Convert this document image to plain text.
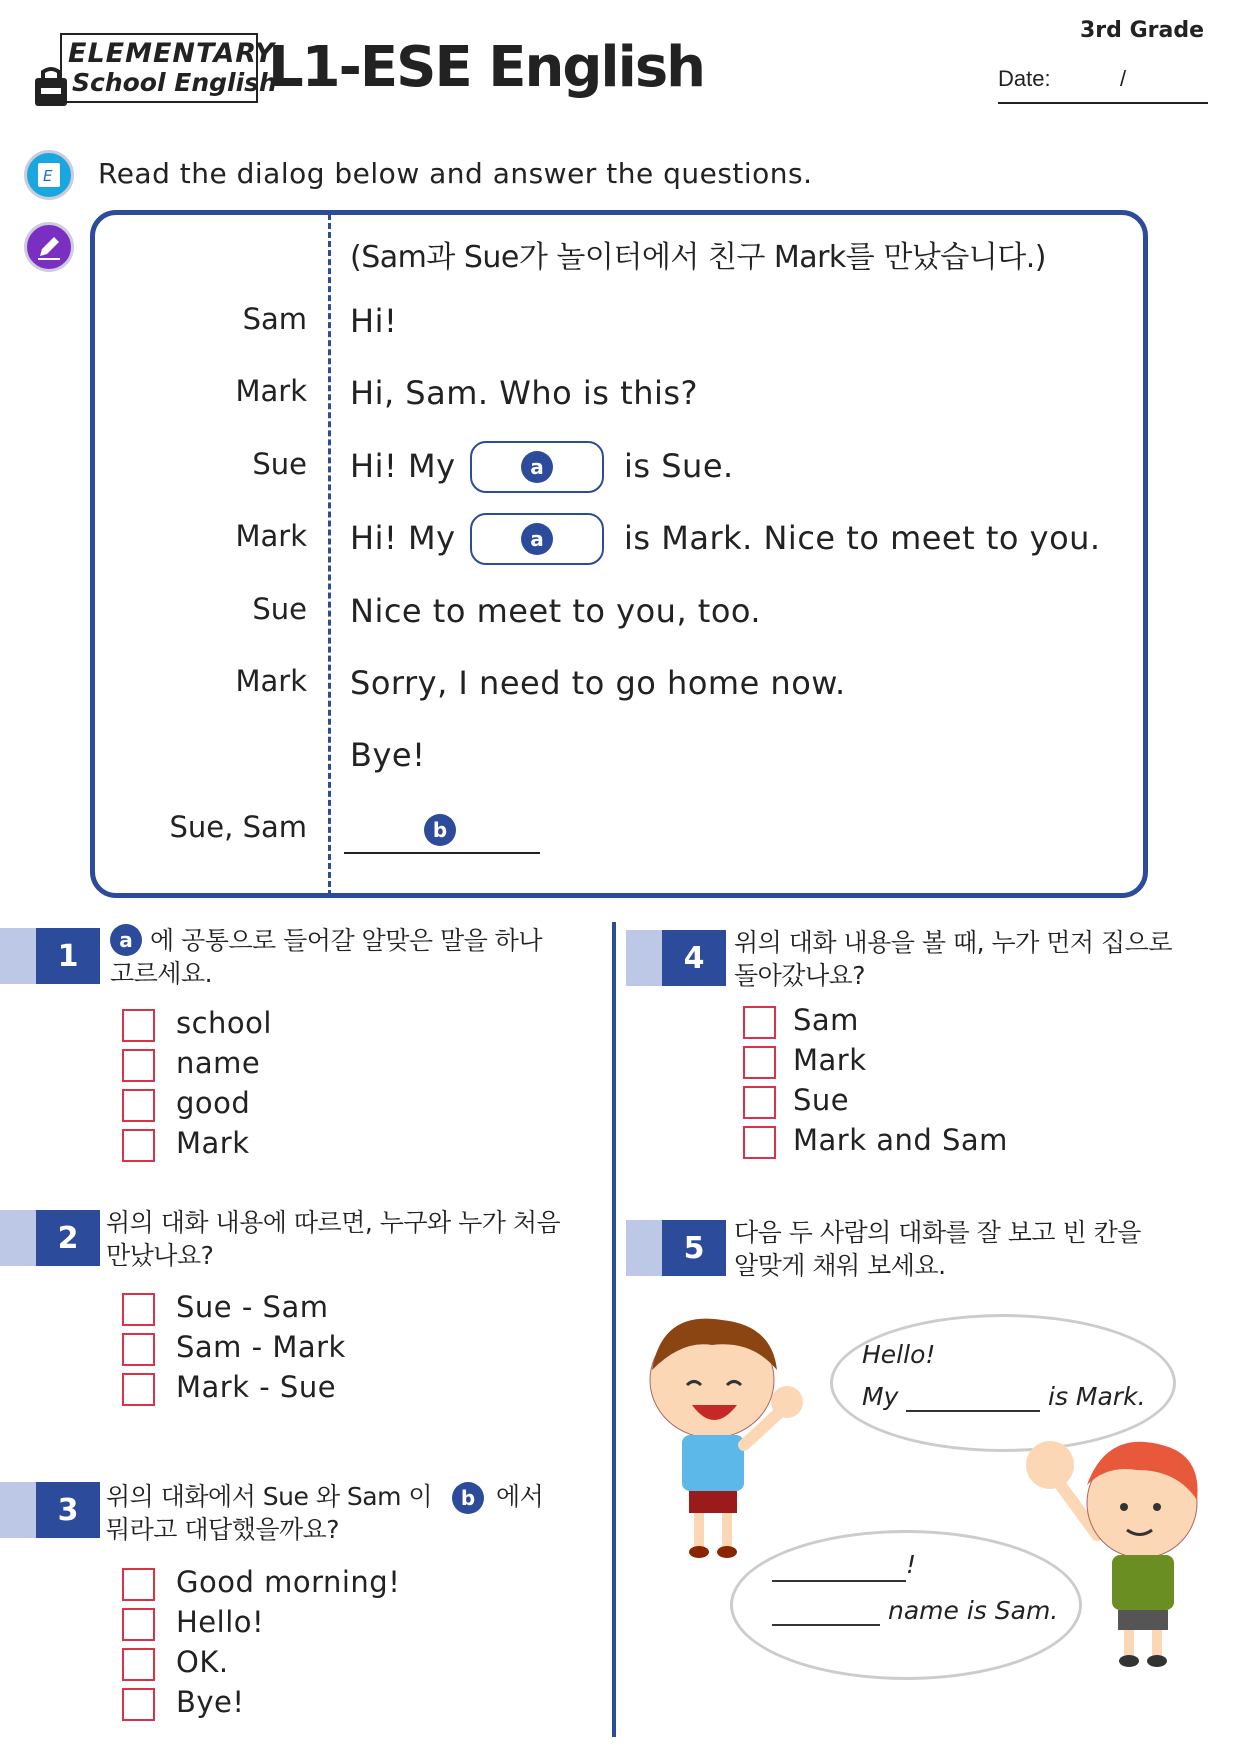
ELEMENTARY
School English
L1-ESE English
3rd Grade
Date:	/
E Read the dialog below and answer the questions.
(Sam과 Sue가 놀이터에서 친구 Mark를 만났습니다.)
Sam Hi!
Mark Hi, Sam. Who is this?
Sue Hi! My	a	is Sue.
Mark Hi! My	a	is Mark. Nice to meet to you.
Sue Nice to meet to you, too.
Mark Sorry, I need to go home now.
Bye!
Sue, Sam	b
1	a 에 공통으로 들어갈 알맞은 말을 하나
고르세요.
school
name
good
Mark
2	위의 대화 내용에 따르면, 누구와 누가 처음
만났나요?
Sue - Sam
Sam - Mark
Mark - Sue
3	위의 대화에서 Sue 와 Sam 이	b 에서
뭐라고 대답했을까요?
Good morning!
Hello!
OK.
Bye!
4	위의 대화 내용을 볼 때, 누가 먼저 집으로
돌아갔나요?
Sam
Mark
Sue
Mark and Sam
5	다음 두 사람의 대화를 잘 보고 빈 칸을
알맞게 채워 보세요.
Hello!
My	is Mark.
!
name is Sam.
